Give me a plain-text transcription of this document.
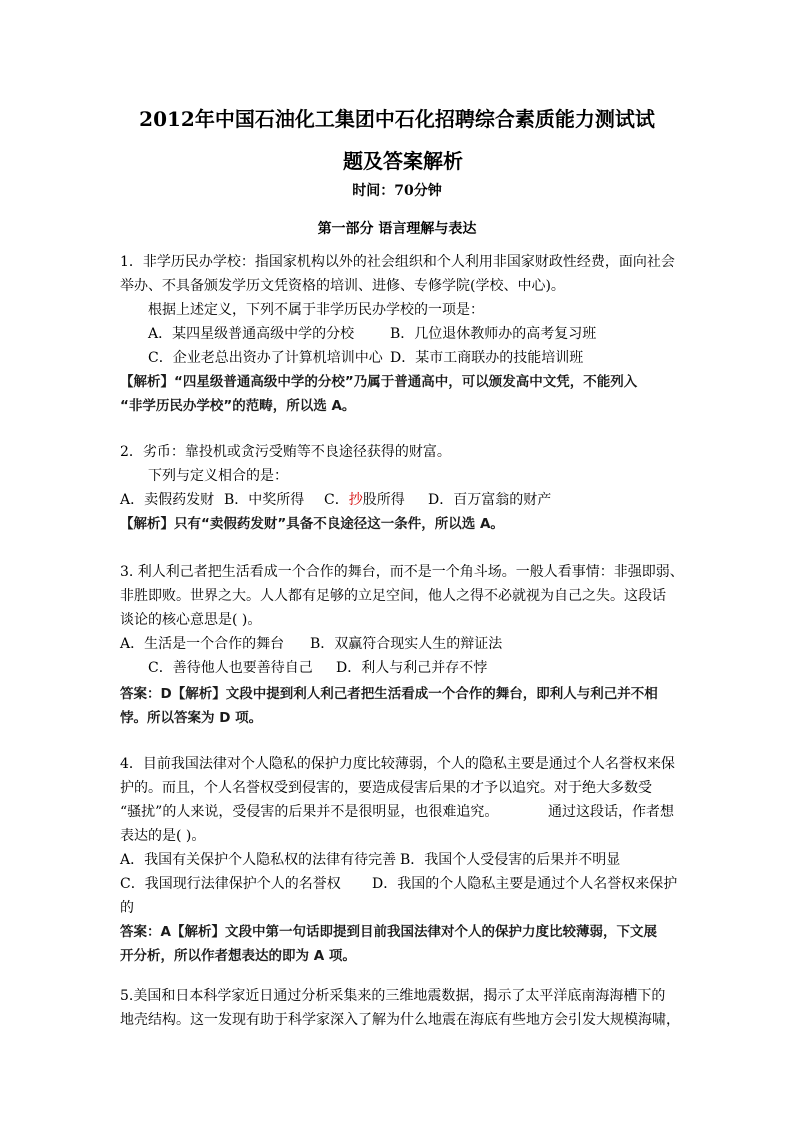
2012年中国石油化工集团中石化招聘综合素质能力测试试
题及答案解析
时间：70分钟
第一部分 语言理解与表达
1．非学历民办学校：指国家机构以外的社会组织和个人利用非国家财政性经费，面向社会
举办、不具备颁发学历文凭资格的培训、进修、专修学院(学校、中心)。
根据上述定义，下列不属于非学历民办学校的一项是：
A．某四星级普通高级中学的分校	B．几位退休教师办的高考复习班
C．企业老总出资办了计算机培训中心 D．某市工商联办的技能培训班
【解析】“四星级普通高级中学的分校”乃属于普通高中，可以颁发高中文凭，不能列入
“非学历民办学校”的范畴，所以选 A。
2．劣币：靠投机或贪污受贿等不良途径获得的财富。
下列与定义相合的是：
A．卖假药发财 B．中奖所得	C．抄股所得	D．百万富翁的财产
【解析】只有“卖假药发财”具备不良途径这一条件，所以选 A。
3. 利人利己者把生活看成一个合作的舞台，而不是一个角斗场。一般人看事情：非强即弱、
非胜即败。世界之大。人人都有足够的立足空间，他人之得不必就视为自己之失。这段话
谈论的核心意思是( )。
A．生活是一个合作的舞台	B．双赢符合现实人生的辩证法
C．善待他人也要善待自己	D．利人与利己并存不悖
答案：D【解析】文段中提到利人利己者把生活看成一个合作的舞台，即利人与利己并不相
悖。所以答案为 D 项。
4．目前我国法律对个人隐私的保护力度比较薄弱，个人的隐私主要是通过个人名誉权来保
护的。而且，个人名誉权受到侵害的，要造成侵害后果的才予以追究。对于绝大多数受
“骚扰”的人来说，受侵害的后果并不是很明显，也很难追究。	通过这段话，作者想
表达的是( )。
A．我国有关保护个人隐私权的法律有待完善 B．我国个人受侵害的后果并不明显
C．我国现行法律保护个人的名誉权	D．我国的个人隐私主要是通过个人名誉权来保护
的
答案：A【解析】文段中第一句话即提到目前我国法律对个人的保护力度比较薄弱，下文展
开分析，所以作者想表达的即为 A 项。
5.美国和日本科学家近日通过分析采集来的三维地震数据，揭示了太平洋底南海海槽下的
地壳结构。这一发现有助于科学家深入了解为什么地震在海底有些地方会引发大规模海啸，
